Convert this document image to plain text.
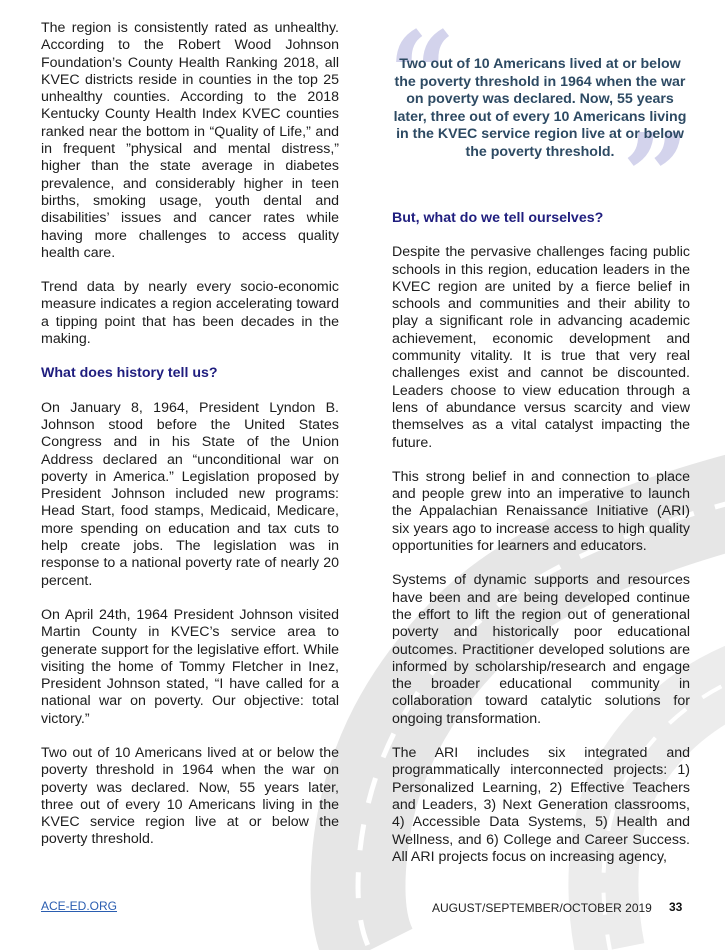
The region is consistently rated as unhealthy. According to the Robert Wood Johnson Foundation’s County Health Ranking 2018, all KVEC districts reside in counties in the top 25 unhealthy counties. According to the 2018 Kentucky County Health Index KVEC counties ranked near the bottom in “Quality of Life,” and in frequent ”physical and mental distress,” higher than the state average in diabetes prevalence, and considerably higher in teen births, smoking usage, youth dental and disabilities’ issues and cancer rates while having more challenges to access quality health care.

Trend data by nearly every socio-economic measure indicates a region accelerating toward a tipping point that has been decades in the making.

What does history tell us?

On January 8, 1964, President Lyndon B. Johnson stood before the United States Congress and in his State of the Union Address declared an “unconditional war on poverty in America.” Legislation proposed by President Johnson included new programs: Head Start, food stamps, Medicaid, Medicare, more spending on education and tax cuts to help create jobs. The legislation was in response to a national poverty rate of nearly 20 percent.

On April 24th, 1964 President Johnson visited Martin County in KVEC’s service area to generate support for the legislative effort. While visiting the home of Tommy Fletcher in Inez, President Johnson stated, “I have called for a national war on poverty. Our objective: total victory.”

Two out of 10 Americans lived at or below the poverty threshold in 1964 when the war on poverty was declared. Now, 55 years later, three out of every 10 Americans living in the KVEC service region live at or below the poverty threshold.

“
”
Two out of 10 Americans lived at or below the poverty threshold in 1964 when the war on poverty was declared. Now, 55 years later, three out of every 10 Americans living in the KVEC service region live at or below the poverty threshold.
But, what do we tell ourselves?

Despite the pervasive challenges facing public schools in this region, education leaders in the KVEC region are united by a fierce belief in schools and communities and their ability to play a significant role in advancing academic achievement, economic development and community vitality. It is true that very real challenges exist and cannot be discounted. Leaders choose to view education through a lens of abundance versus scarcity and view themselves as a vital catalyst impacting the future.

This strong belief in and connection to place and people grew into an imperative to launch the Appalachian Renaissance Initiative (ARI) six years ago to increase access to high quality opportunities for learners and educators.

Systems of dynamic supports and resources have been and are being developed continue the effort to lift the region out of generational poverty and historically poor educational outcomes. Practitioner developed solutions are informed by scholarship/research and engage the broader educational community in collaboration toward catalytic solutions for ongoing transformation.

The ARI includes six integrated and programmatically interconnected projects: 1) Personalized Learning, 2) Effective Teachers and Leaders, 3) Next Generation classrooms, 4) Accessible Data Systems, 5) Health and Wellness, and 6) College and Career Success. All ARI projects focus on increasing agency,

ACE-ED.ORG	AUGUST/SEPTEMBER/OCTOBER 2019 33
